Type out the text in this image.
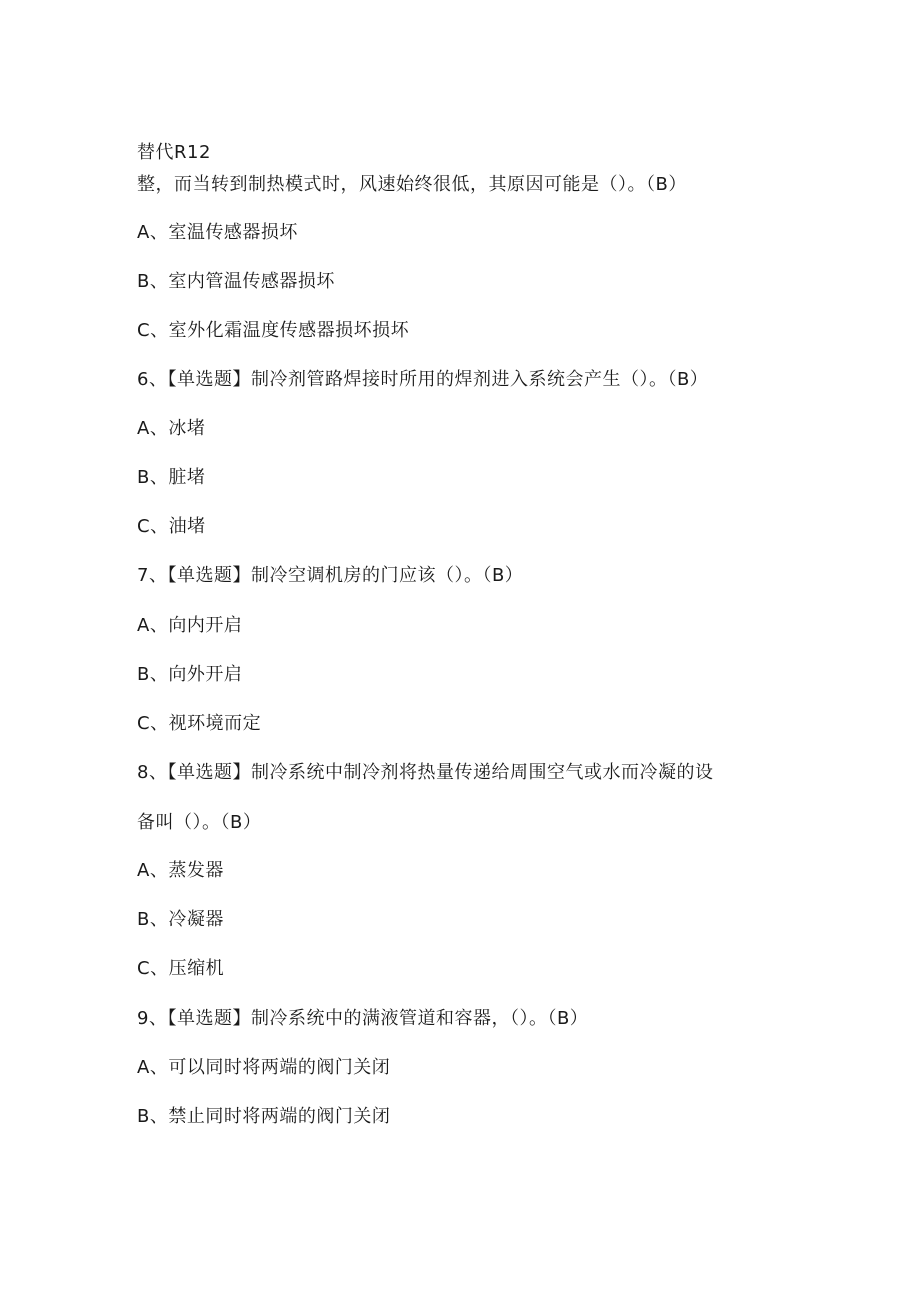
替代R12
整，而当转到制热模式时，风速始终很低，其原因可能是（）。（B）
A、室温传感器损坏
B、室内管温传感器损坏
C、室外化霜温度传感器损坏损坏
6、【单选题】制冷剂管路焊接时所用的焊剂进入系统会产生（）。（B）
A、冰堵
B、脏堵
C、油堵
7、【单选题】制冷空调机房的门应该（）。（B）
A、向内开启
B、向外开启
C、视环境而定
8、【单选题】制冷系统中制冷剂将热量传递给周围空气或水而冷凝的设
备叫（）。（B）
A、蒸发器
B、冷凝器
C、压缩机
9、【单选题】制冷系统中的满液管道和容器，（）。（B）
A、可以同时将两端的阀门关闭
B、禁止同时将两端的阀门关闭
